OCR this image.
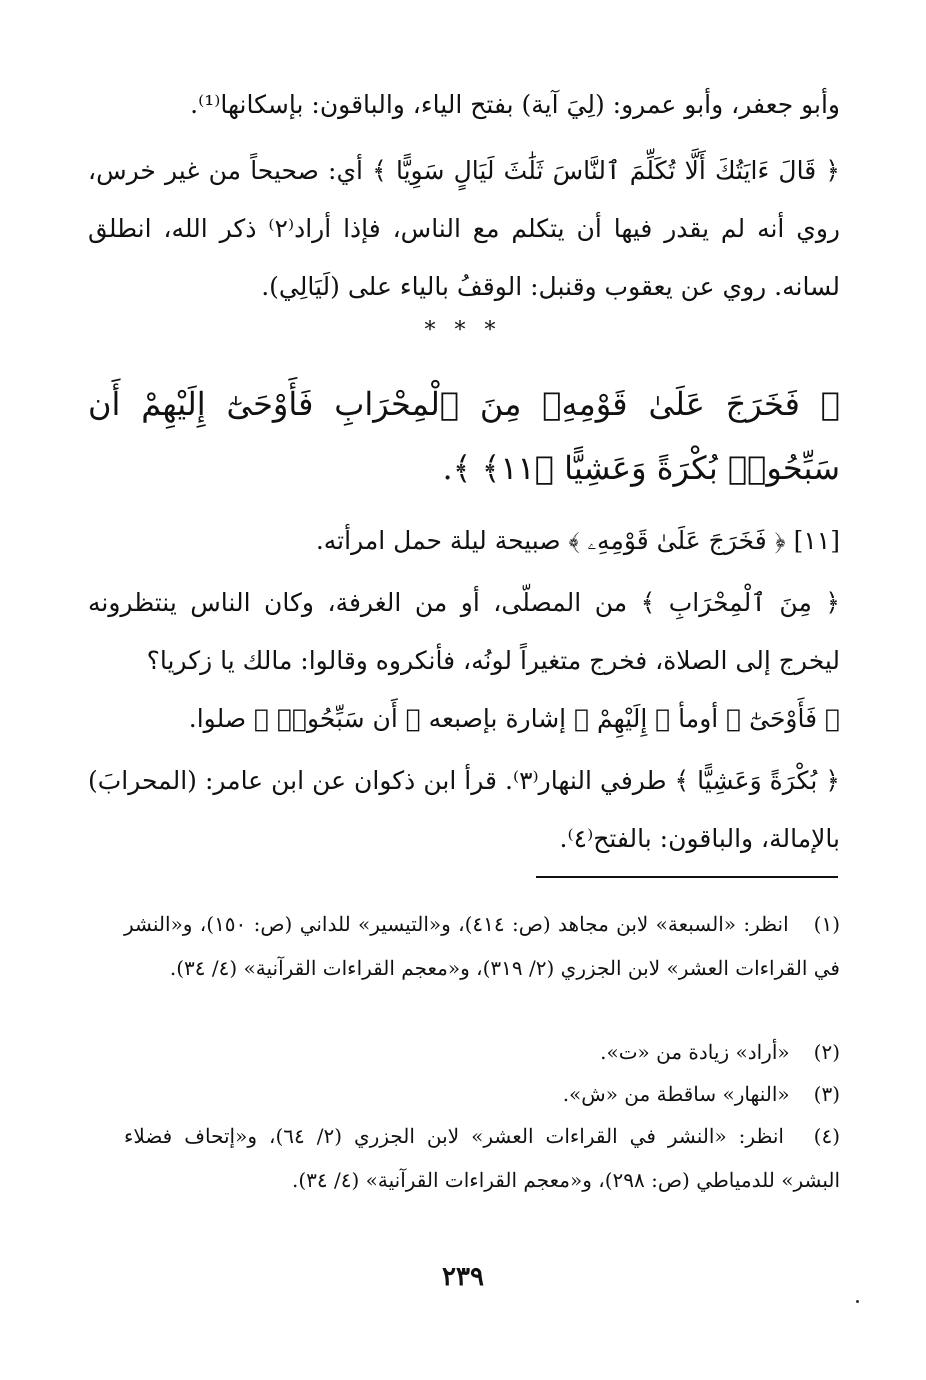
وأبو جعفر، وأبو عمرو: (لِيَ آية) بفتح الياء، والباقون: بإسكانها⁽¹⁾.
﴿ قَالَ ءَايَتُكَ أَلَّا تُكَلِّمَ ٱلنَّاسَ ثَلَٰثَ لَيَالٍ سَوِيًّا ﴾ أي: صحيحاً من غير خرس، روي أنه لم يقدر فيها أن يتكلم مع الناس، فإذا أراد⁽٢⁾ ذكر الله، انطلق لسانه. روي عن يعقوب وقنبل: الوقفُ بالياء على (لَيَالِي).
* * *
﴿ فَخَرَجَ عَلَىٰ قَوْمِهِۦ مِنَ ٱلْمِحْرَابِ فَأَوْحَىٰٓ إِلَيْهِمْ أَن سَبِّحُوا۟ بُكْرَةً وَعَشِيًّا ﴿١١﴾ ﴾.
[١١] ﴿ فَخَرَجَ عَلَىٰ قَوْمِهِۦ ﴾ صبيحة ليلة حمل امرأته.
﴿ مِنَ ٱلْمِحْرَابِ ﴾ من المصلّى، أو من الغرفة، وكان الناس ينتظرونه ليخرج إلى الصلاة، فخرج متغيراً لونُه، فأنكروه وقالوا: مالك يا زكريا؟
﴿ فَأَوْحَىٰٓ ﴾ أومأ ﴿ إِلَيْهِمْ ﴾ إشارة بإصبعه ﴿ أَن سَبِّحُوا۟ ﴾ صلوا.
﴿ بُكْرَةً وَعَشِيًّا ﴾ طرفي النهار⁽٣⁾. قرأ ابن ذكوان عن ابن عامر: (المحرابَ) بالإمالة، والباقون: بالفتح⁽٤⁾.
(١) انظر: «السبعة» لابن مجاهد (ص: ٤١٤)، و«التيسير» للداني (ص: ١٥٠)، و«النشر في القراءات العشر» لابن الجزري (٢/ ٣١٩)، و«معجم القراءات القرآنية» (٤/ ٣٤).
(٢) «أراد» زيادة من «ت».
(٣) «النهار» ساقطة من «ش».
(٤) انظر: «النشر في القراءات العشر» لابن الجزري (٢/ ٦٤)، و«إتحاف فضلاء البشر» للدمياطي (ص: ٢٩٨)، و«معجم القراءات القرآنية» (٤/ ٣٤).
٢٣٩
